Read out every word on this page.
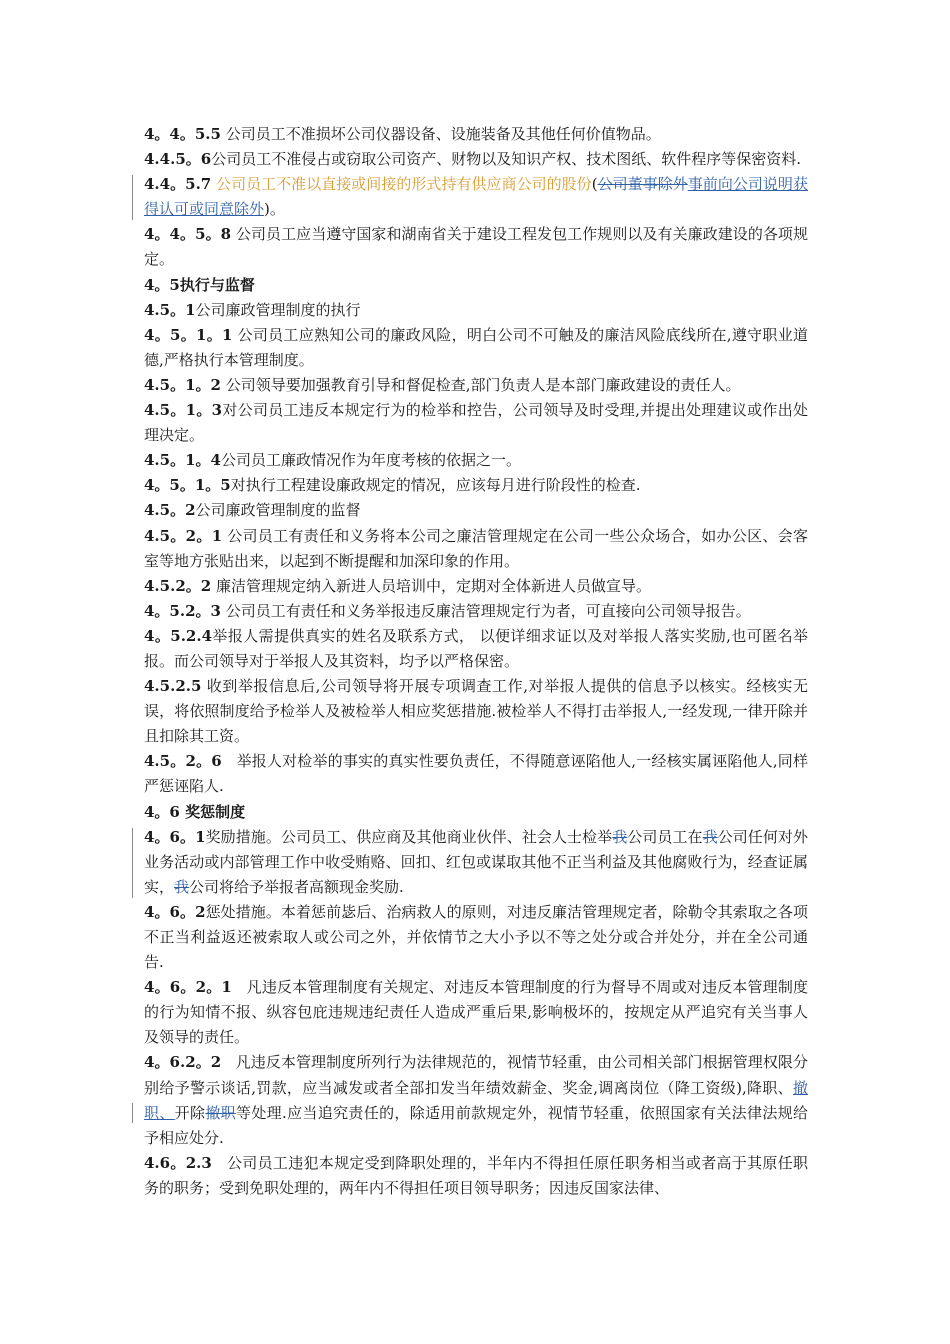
4。4。5.5 公司员工不准损坏公司仪器设备、设施装备及其他任何价值物品。

4.4.5。6公司员工不准侵占或窃取公司资产、财物以及知识产权、技术图纸、软件程序等保密资料.

4.4。5.7 公司员工不准以直接或间接的形式持有供应商公司的股份(公司董事除外事前向公司说明获得认可或同意除外)。

4。4。5。8 公司员工应当遵守国家和湖南省关于建设工程发包工作规则以及有关廉政建设的各项规定。

4。5执行与监督

4.5。1公司廉政管理制度的执行

4。5。1。1 公司员工应熟知公司的廉政风险，明白公司不可触及的廉洁风险底线所在,遵守职业道德,严格执行本管理制度。

4.5。1。2 公司领导要加强教育引导和督促检查,部门负责人是本部门廉政建设的责任人。

4.5。1。3对公司员工违反本规定行为的检举和控告，公司领导及时受理,并提出处理建议或作出处理决定。

4.5。1。4公司员工廉政情况作为年度考核的依据之一。

4。5。1。5对执行工程建设廉政规定的情况，应该每月进行阶段性的检查.

4.5。2公司廉政管理制度的监督

4.5。2。1 公司员工有责任和义务将本公司之廉洁管理规定在公司一些公众场合，如办公区、会客室等地方张贴出来，以起到不断提醒和加深印象的作用。

4.5.2。2 廉洁管理规定纳入新进人员培训中，定期对全体新进人员做宣导。

4。5.2。3 公司员工有责任和义务举报违反廉洁管理规定行为者，可直接向公司领导报告。

4。5.2.4举报人需提供真实的姓名及联系方式， 以便详细求证以及对举报人落实奖励,也可匿名举报。而公司领导对于举报人及其资料，均予以严格保密。

4.5.2.5 收到举报信息后,公司领导将开展专项调查工作,对举报人提供的信息予以核实。经核实无误，将依照制度给予检举人及被检举人相应奖惩措施.被检举人不得打击举报人,一经发现,一律开除并且扣除其工资。

4.5。2。6 举报人对检举的事实的真实性要负责任，不得随意诬陷他人,一经核实属诬陷他人,同样严惩诬陷人.

4。6 奖惩制度

4。6。1奖励措施。公司员工、供应商及其他商业伙伴、社会人士检举我公司员工在我公司任何对外业务活动或内部管理工作中收受贿赂、回扣、红包或谋取其他不正当利益及其他腐败行为，经查证属实，我公司将给予举报者高额现金奖励.

4。6。2惩处措施。本着惩前毖后、治病救人的原则，对违反廉洁管理规定者，除勒令其索取之各项不正当利益返还被索取人或公司之外，并依情节之大小予以不等之处分或合并处分，并在全公司通告.

4。6。2。1 凡违反本管理制度有关规定、对违反本管理制度的行为督导不周或对违反本管理制度的行为知情不报、纵容包庇违规违纪责任人造成严重后果,影响极坏的，按规定从严追究有关当事人及领导的责任。

4。6.2。2 凡违反本管理制度所列行为法律规范的，视情节轻重，由公司相关部门根据管理权限分别给予警示谈话,罚款，应当减发或者全部扣发当年绩效薪金、奖金,调离岗位（降工资级),降职、撤职、开除撤职等处理.应当追究责任的，除适用前款规定外，视情节轻重，依照国家有关法律法规给予相应处分.

4.6。2.3 公司员工违犯本规定受到降职处理的，半年内不得担任原任职务相当或者高于其原任职务的职务；受到免职处理的，两年内不得担任项目领导职务；因违反国家法律、
